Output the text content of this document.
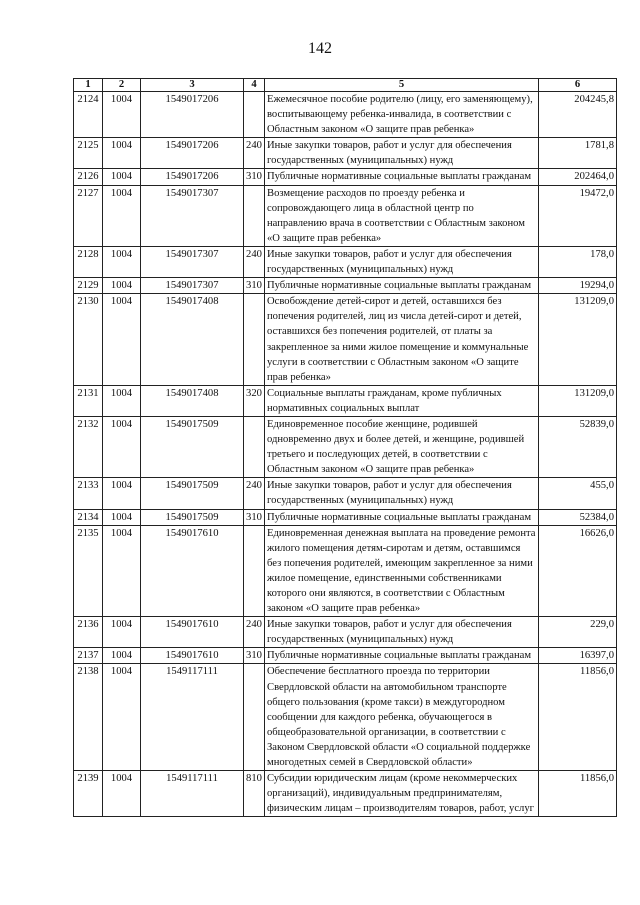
142
1	2	3	4	5	6
2124	1004	1549017206		Ежемесячное пособие родителю (лицу, его заменяющему), воспитывающему ребенка-инвалида, в соответствии с Областным законом «О защите прав ребенка»	204245,8
2125	1004	1549017206	240	Иные закупки товаров, работ и услуг для обеспечения государственных (муниципальных) нужд	1781,8
2126	1004	1549017206	310	Публичные нормативные социальные выплаты гражданам	202464,0
2127	1004	1549017307		Возмещение расходов по проезду ребенка и сопровождающего лица в областной центр по направлению врача в соответствии с Областным законом «О защите прав ребенка»	19472,0
2128	1004	1549017307	240	Иные закупки товаров, работ и услуг для обеспечения государственных (муниципальных) нужд	178,0
2129	1004	1549017307	310	Публичные нормативные социальные выплаты гражданам	19294,0
2130	1004	1549017408		Освобождение детей-сирот и детей, оставшихся без попечения родителей, лиц из числа детей-сирот и детей, оставшихся без попечения родителей, от платы за закрепленное за ними жилое помещение и коммунальные услуги в соответствии с Областным законом «О защите прав ребенка»	131209,0
2131	1004	1549017408	320	Социальные выплаты гражданам, кроме публичных нормативных социальных выплат	131209,0
2132	1004	1549017509		Единовременное пособие женщине, родившей одновременно двух и более детей, и женщине, родившей третьего и последующих детей, в соответствии с Областным законом «О защите прав ребенка»	52839,0
2133	1004	1549017509	240	Иные закупки товаров, работ и услуг для обеспечения государственных (муниципальных) нужд	455,0
2134	1004	1549017509	310	Публичные нормативные социальные выплаты гражданам	52384,0
2135	1004	1549017610		Единовременная денежная выплата на проведение ремонта жилого помещения детям-сиротам и детям, оставшимся без попечения родителей, имеющим закрепленное за ними жилое помещение, единственными собственниками которого они являются, в соответствии с Областным законом «О защите прав ребенка»	16626,0
2136	1004	1549017610	240	Иные закупки товаров, работ и услуг для обеспечения государственных (муниципальных) нужд	229,0
2137	1004	1549017610	310	Публичные нормативные социальные выплаты гражданам	16397,0
2138	1004	1549117111		Обеспечение бесплатного проезда по территории Свердловской области на автомобильном транспорте общего пользования (кроме такси) в междугородном сообщении для каждого ребенка, обучающегося в общеобразовательной организации, в соответствии с Законом Свердловской области «О социальной поддержке многодетных семей в Свердловской области»	11856,0
2139	1004	1549117111	810	Субсидии юридическим лицам (кроме некоммерческих организаций), индивидуальным предпринимателям, физическим лицам – производителям товаров, работ, услуг	11856,0
